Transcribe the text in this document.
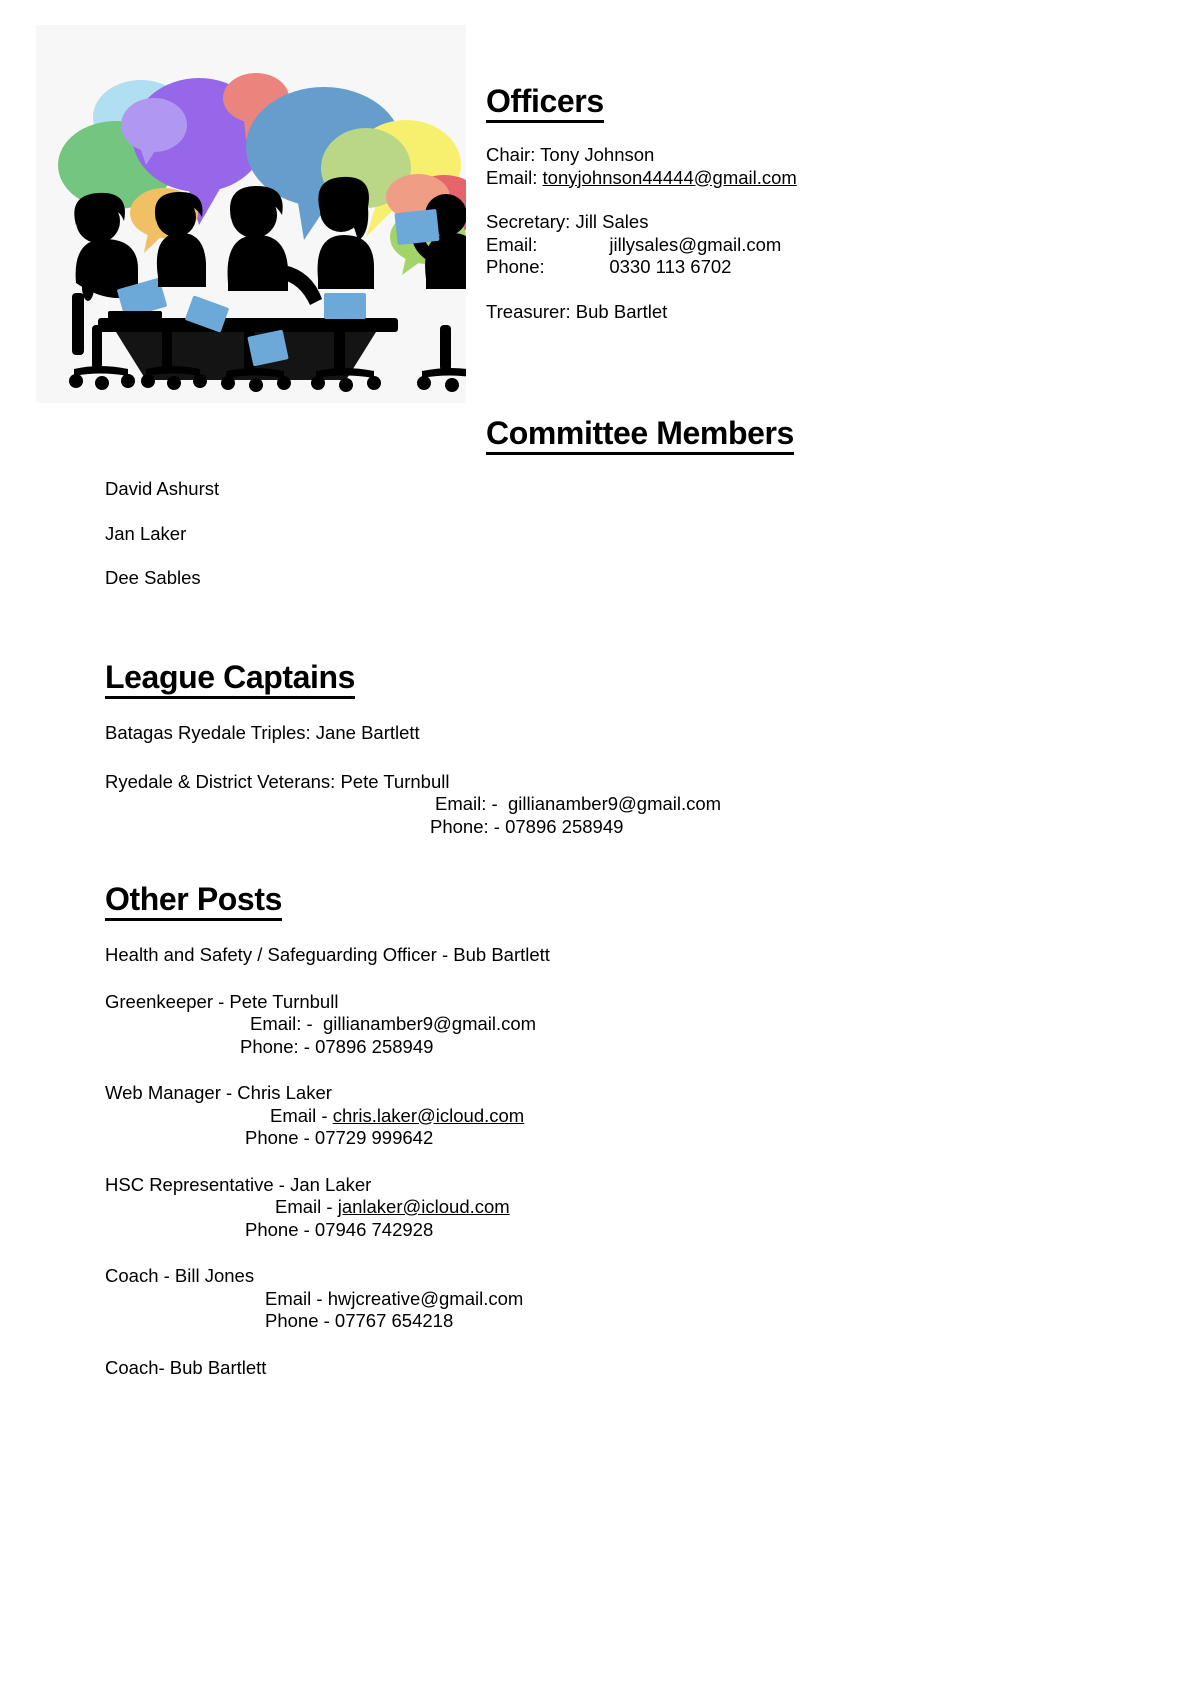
Officers
Chair: Tony Johnson
Email: tonyjohnson44444@gmail.com
Secretary: Jill Sales
Email:			jillysales@gmail.com
Phone:			0330 113 6702
Treasurer: Bub Bartlet
Committee Members
David Ashurst
Jan Laker
Dee Sables
League Captains
Batagas Ryedale Triples: Jane Bartlett
Ryedale & District Veterans: Pete Turnbull
Email: -  gillianamber9@gmail.com
Phone: - 07896 258949
Other Posts
Health and Safety / Safeguarding Officer - Bub Bartlett
Greenkeeper - Pete Turnbull
Email: -  gillianamber9@gmail.com
Phone: - 07896 258949
Web Manager - Chris Laker
Email - chris.laker@icloud.com
Phone - 07729 999642
HSC Representative - Jan Laker
Email - janlaker@icloud.com
Phone - 07946 742928
Coach - Bill Jones
Email - hwjcreative@gmail.com
Phone - 07767 654218
Coach- Bub Bartlett
